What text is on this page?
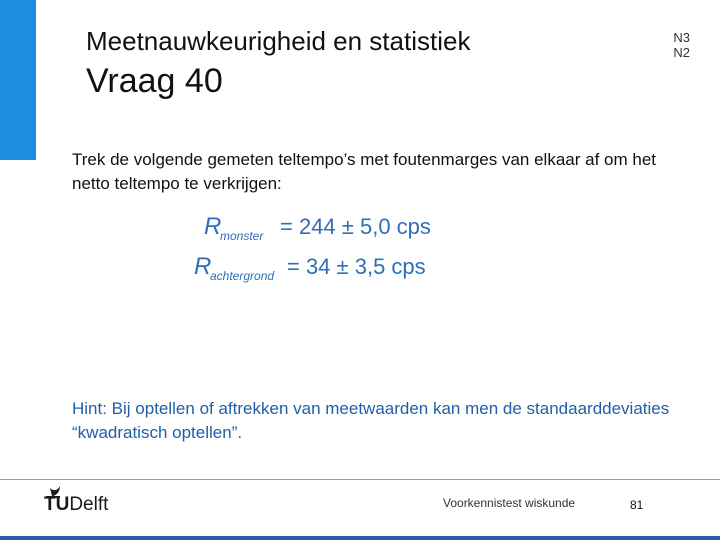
Meetnauwkeurigheid en statistiek
Vraag 40
N3
N2
Trek de volgende gemeten teltempo’s met foutenmarges van elkaar af om het netto teltempo te verkrijgen:
R
monster = 244 ± 5,0 cps
R
achtergrond = 34 ± 3,5 cps
Hint: Bij optellen of aftrekken van meetwaarden kan men de standaarddeviaties “kwadratisch optellen”.
TUDelft	Voorkennistest wiskunde	81
